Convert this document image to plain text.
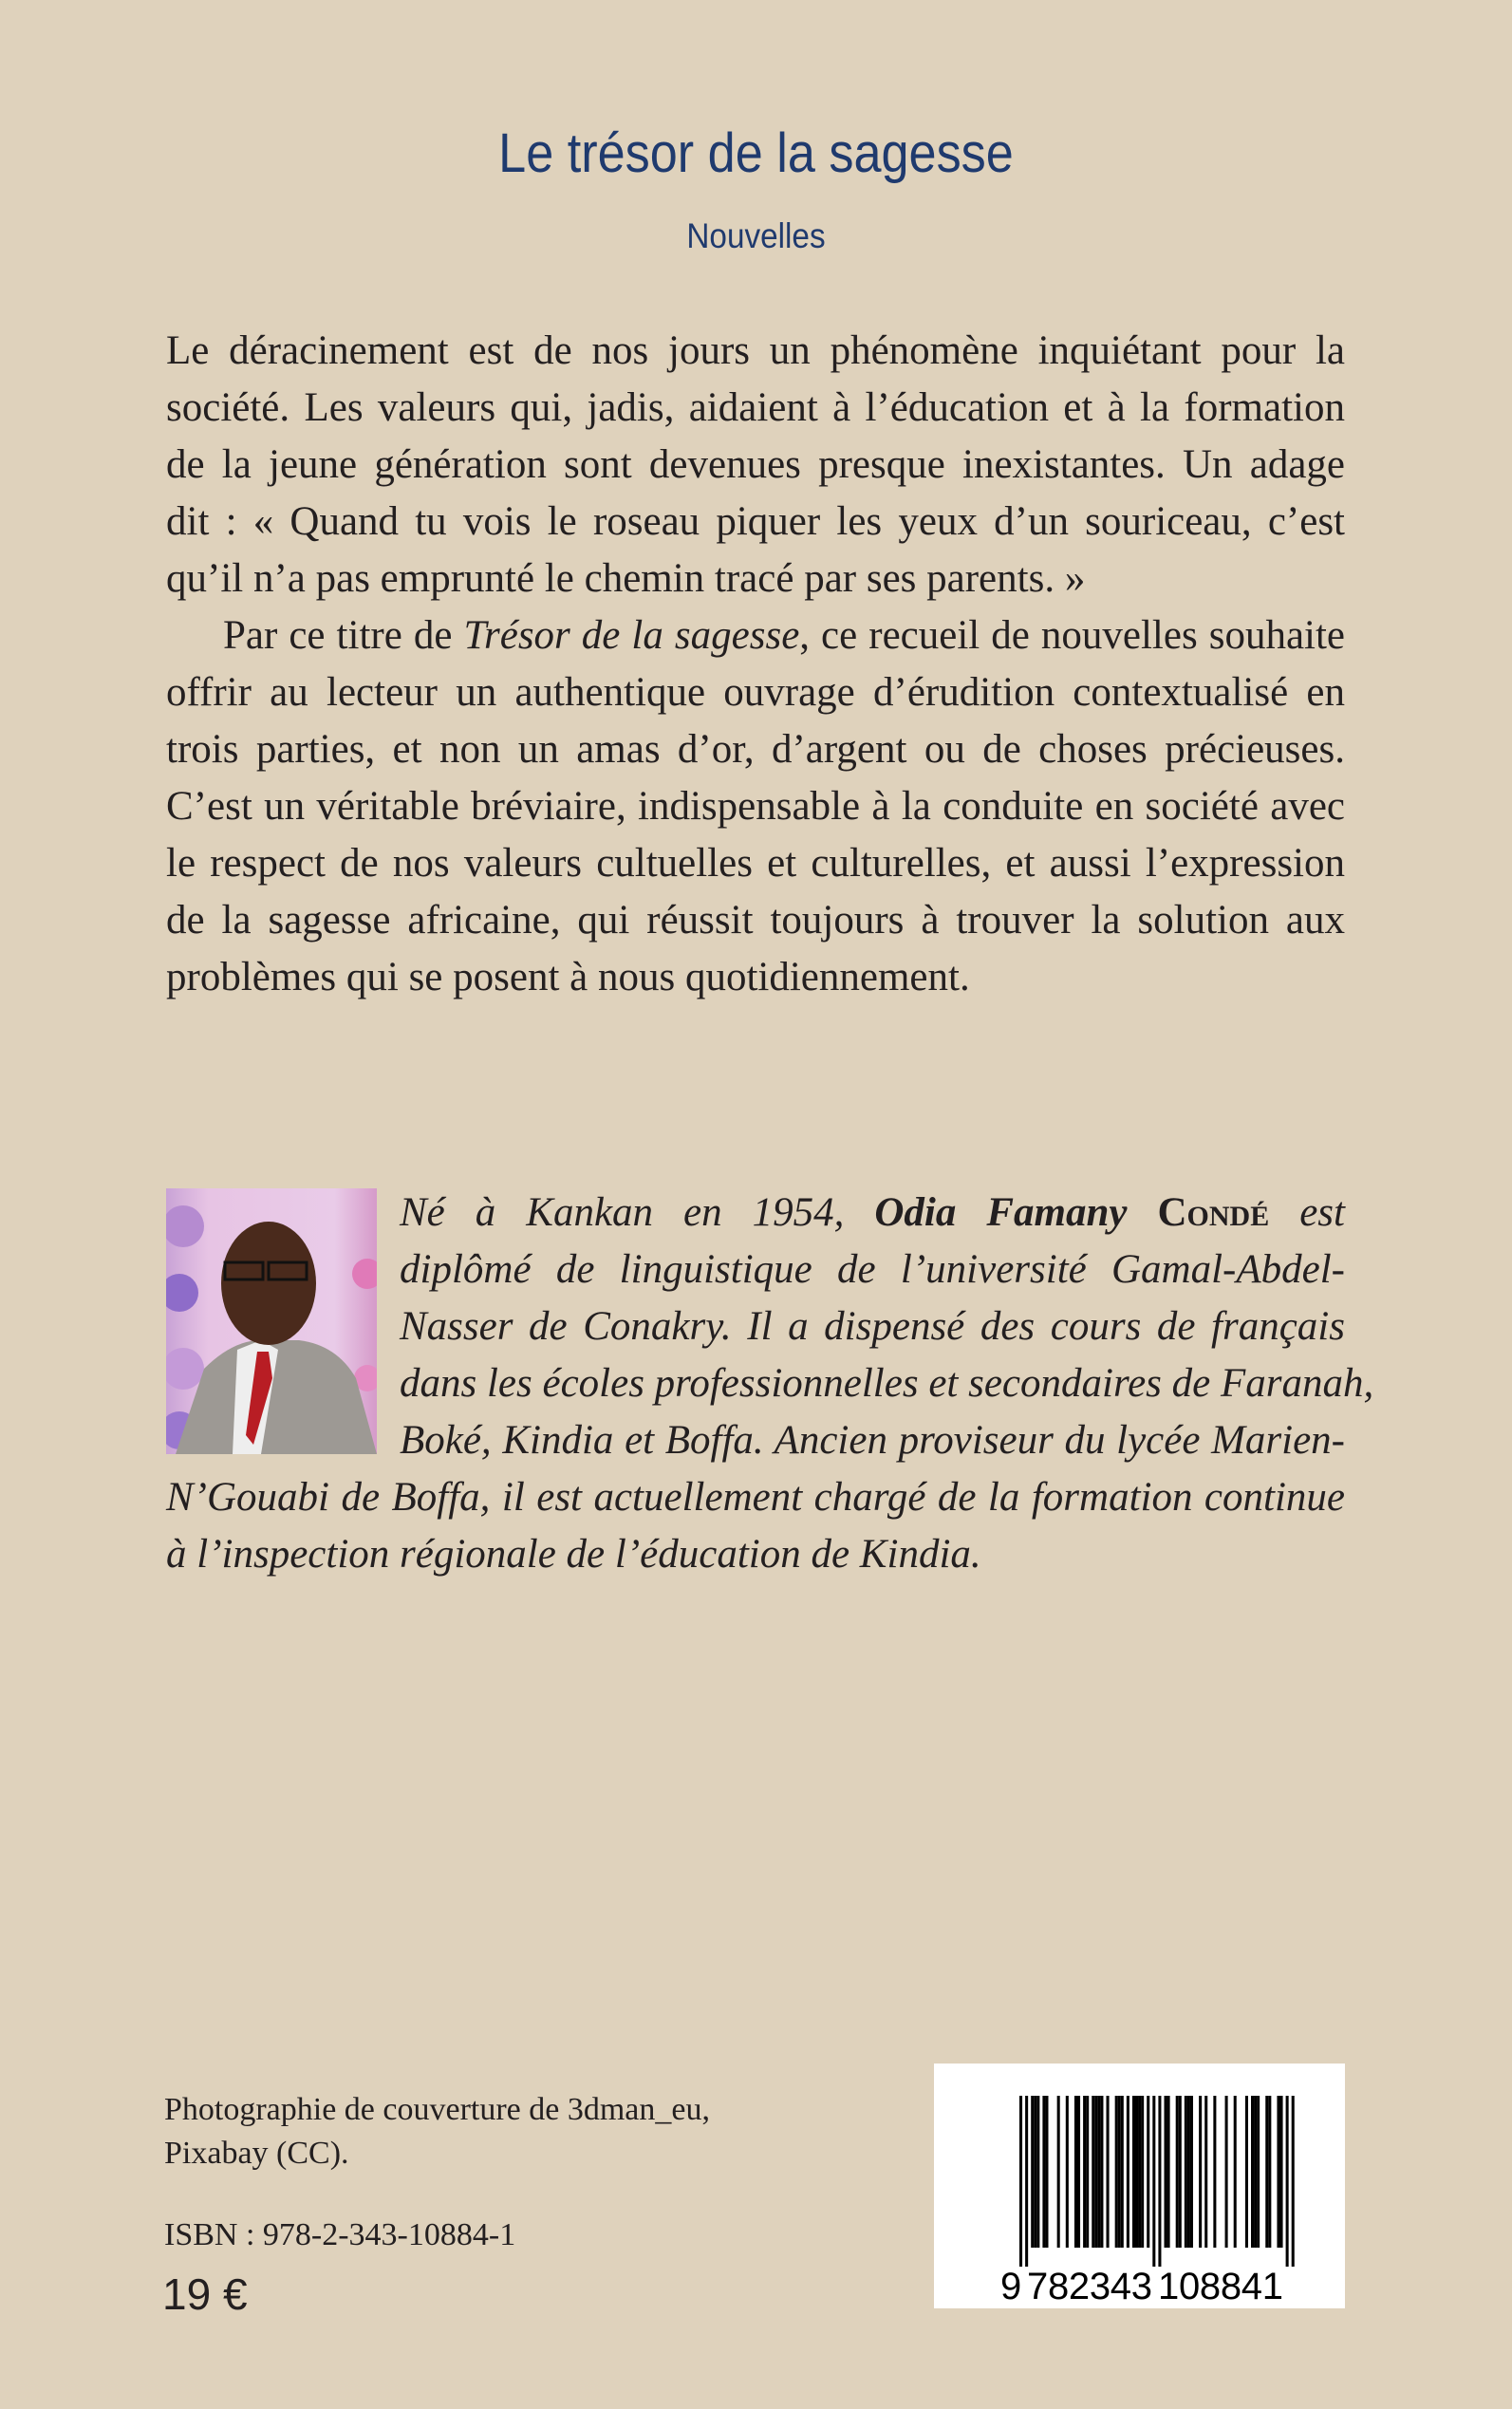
Le trésor de la sagesse
Nouvelles
Le déracinement est de nos jours un phénomène inquiétant pour la
société. Les valeurs qui, jadis, aidaient à l’éducation et à la formation
de la jeune génération sont devenues presque inexistantes. Un adage
dit : « Quand tu vois le roseau piquer les yeux d’un souriceau, c’est
qu’il n’a pas emprunté le chemin tracé par ses parents. »
Par ce titre de Trésor de la sagesse, ce recueil de nouvelles souhaite
offrir au lecteur un authentique ouvrage d’érudition contextualisé en
trois parties, et non un amas d’or, d’argent ou de choses précieuses.
C’est un véritable bréviaire, indispensable à la conduite en société avec
le respect de nos valeurs cultuelles et culturelles, et aussi l’expression
de la sagesse africaine, qui réussit toujours à trouver la solution aux
problèmes qui se posent à nous quotidiennement.
Né à Kankan en 1954, Odia Famany Condé est
diplômé de linguistique de l’université Gamal-Abdel-
Nasser de Conakry. Il a dispensé des cours de français
dans les écoles professionnelles et secondaires de Faranah,
Boké, Kindia et Boffa. Ancien proviseur du lycée Marien-
N’Gouabi de Boffa, il est actuellement chargé de la formation continue
à l’inspection régionale de l’éducation de Kindia.
Photographie de couverture de 3dman_eu,
Pixabay (CC).
ISBN : 978-2-343-10884-1
19 €	9 782343 108841
